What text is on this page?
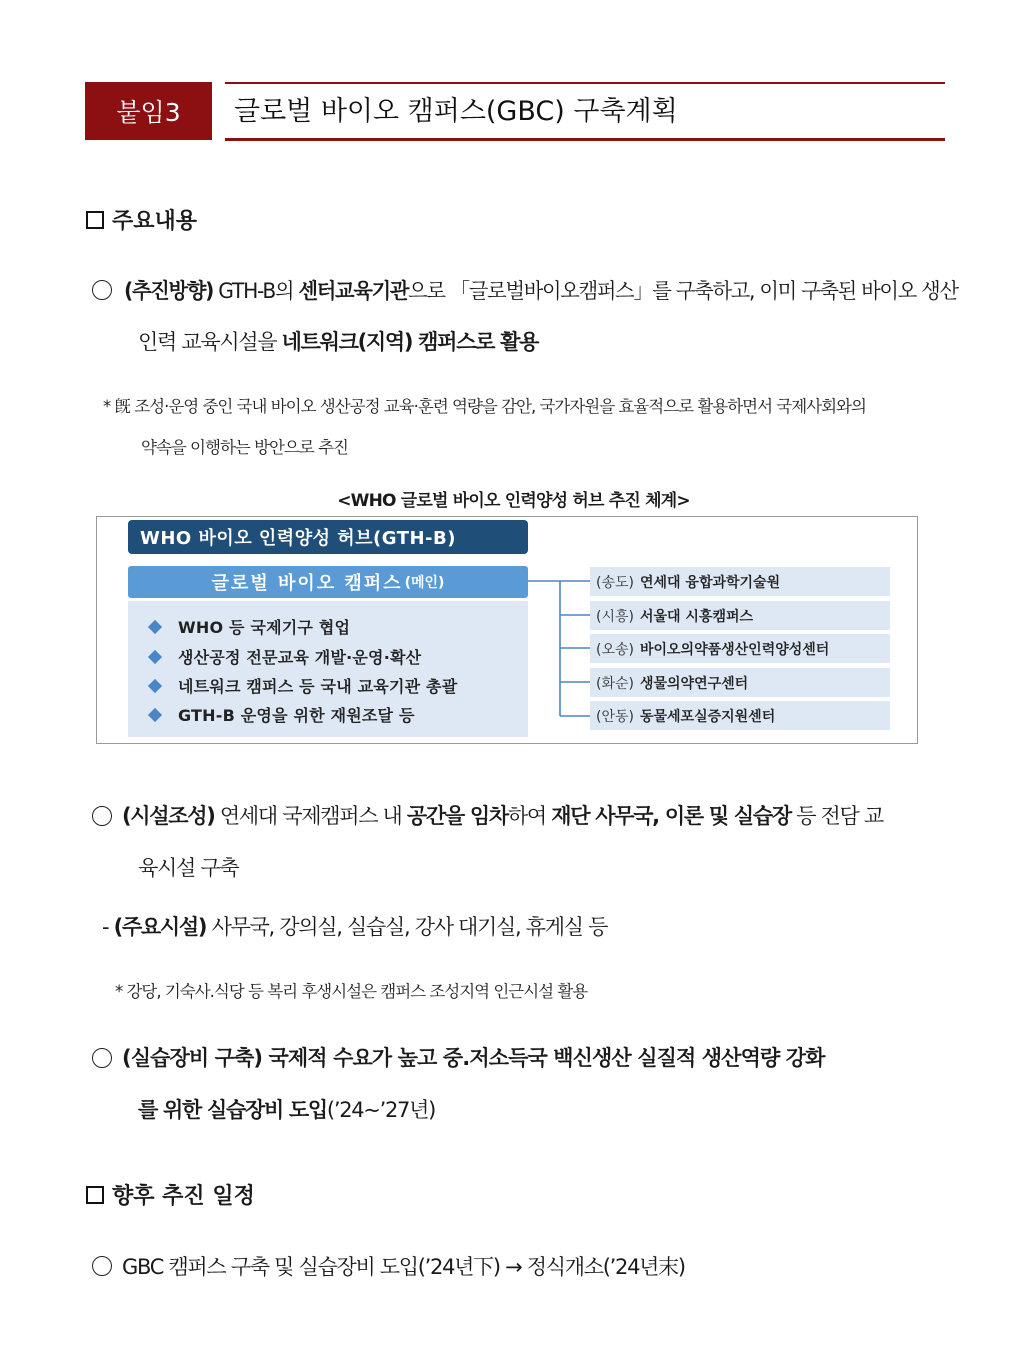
붙임3	글로벌 바이오 캠퍼스(GBC) 구축계획
주요내용
(추진방향) GTH-B의 센터교육기관으로 「글로벌바이오캠퍼스」를 구축하고, 이미 구축된 바이오 생산
인력 교육시설을 네트워크(지역) 캠퍼스로 활용
* 旣 조성·운영 중인 국내 바이오 생산공정 교육·훈련 역량을 감안, 국가자원을 효율적으로 활용하면서 국제사회와의
약속을 이행하는 방안으로 추진
<WHO 글로벌 바이오 인력양성 허브 추진 체계>
WHO 바이오 인력양성 허브(GTH-B)
글로벌 바이오 캠퍼스 (메인)
WHO 등 국제기구 협업
생산공정 전문교육 개발·운영·확산
네트워크 캠퍼스 등 국내 교육기관 총괄
GTH-B 운영을 위한 재원조달 등
(송도) 연세대 융합과학기술원
(시흥) 서울대 시흥캠퍼스
(오송) 바이오의약품생산인력양성센터
(화순) 생물의약연구센터
(안동) 동물세포실증지원센터
(시설조성) 연세대 국제캠퍼스 내 공간을 임차하여 재단 사무국, 이론 및 실습장 등 전담 교
육시설 구축
- (주요시설) 사무국, 강의실, 실습실, 강사 대기실, 휴게실 등
* 강당, 기숙사.식당 등 복리 후생시설은 캠퍼스 조성지역 인근시설 활용
(실습장비 구축) 국제적 수요가 높고 중.저소득국 백신생산 실질적 생산역량 강화
를 위한 실습장비 도입(’24∼’27년)
향후 추진 일정
GBC 캠퍼스 구축 및 실습장비 도입(’24년下) → 정식개소(’24년末)
